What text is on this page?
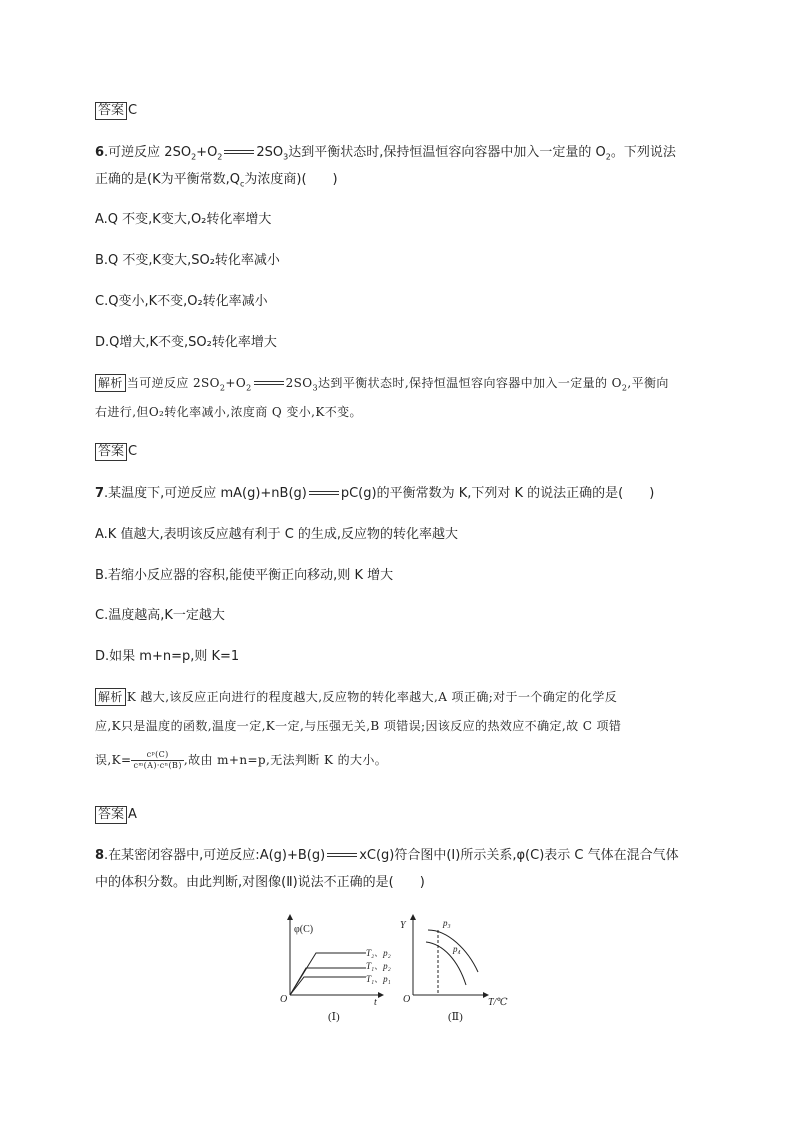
答案 C
6.可逆反应 $2SO_2+O_2$	$2SO_3$达到平衡状态时,保持恒温恒容向容器中加入一定量的 $O_2$。下列说法
正确的是(K为平衡常数$,Q_c$为浓度商)(　　)
A.Q 不变,K变大,O₂转化率增大
B.Q 不变,K变大,SO₂转化率减小
C.Q变小,K不变,O₂转化率减小
D.Q增大,K不变,SO₂转化率增大
解析 当可逆反应 $2SO_2+O_2$	$2SO_3$达到平衡状态时,保持恒温恒容向容器中加入一定量的 $O_2$,平衡向
右进行,但O₂转化率减小,浓度商 Q 变小,K不变。
答案 C
7.某温度下,可逆反应 mA(g)+nB(g)	pC(g)的平衡常数为 K,下列对 K 的说法正确的是(　　)
A.K 值越大,表明该反应越有利于 C 的生成,反应物的转化率越大
B.若缩小反应器的容积,能使平衡正向移动,则 K 增大
C.温度越高,K一定越大
D.如果 m+n=p,则 K=1
解析 K 越大,该反应正向进行的程度越大,反应物的转化率越大,A 项正确;对于一个确定的化学反
应,K只是温度的函数,温度一定,K一定,与压强无关,B 项错误;因该反应的热效应不确定,故 C 项错
误$,K= \frac{\text{cᵖ(C)}}{\text{cᵐ(A)·cⁿ(B)}}$ ,故由 m+n=p,无法判断 K 的大小。
答案 A
8.在某密闭容器中,可逆反应:A(g)+B(g)	xC(g)符合图中(Ⅰ)所示关系,φ(C)表示 C 气体在混合气体
中的体积分数。由此判断,对图像(Ⅱ)说法不正确的是(　　)
φ(C)
O	t
T₂、p₂
T₁、p₂
T₁、p₁
(Ⅰ)
Y
O	T/℃
p₃
p₄
(Ⅱ)
